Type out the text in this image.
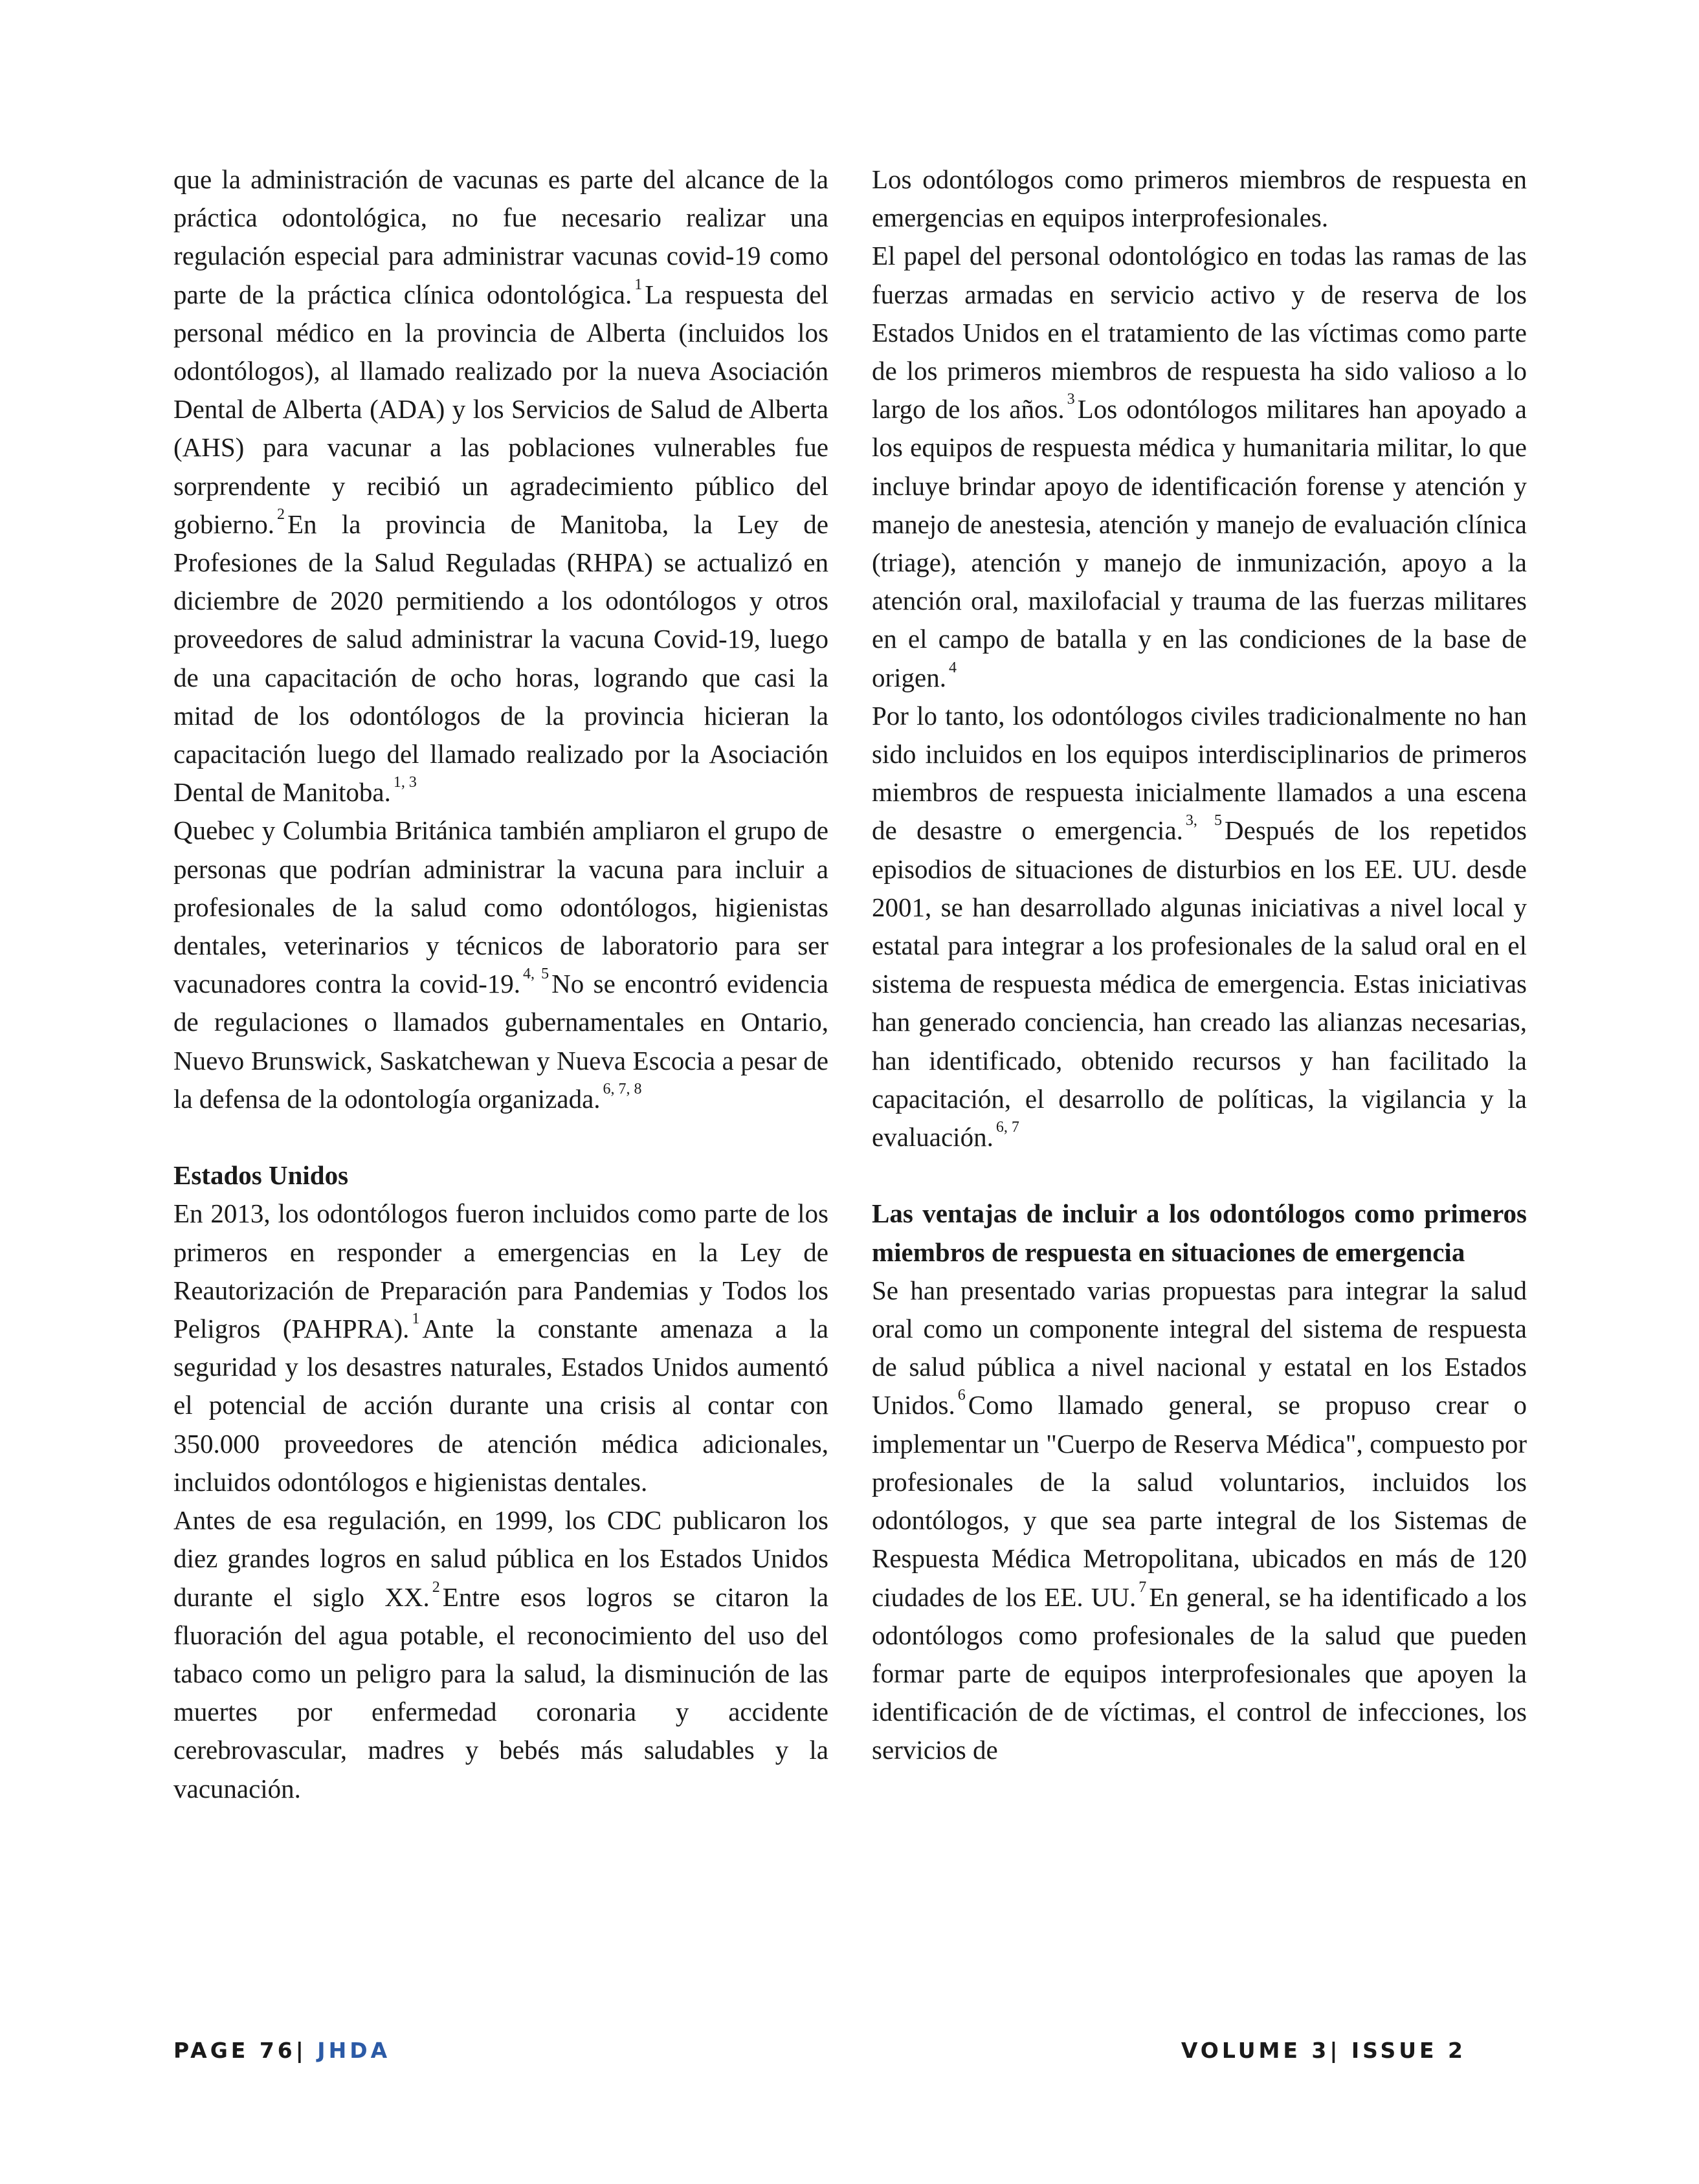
que la administración de vacunas es parte del alcance de la práctica odontológica, no fue necesario realizar una regulación especial para administrar vacunas covid-19 como parte de la práctica clínica odontológica. $^1$La respuesta del personal médico en la provincia de Alberta (incluidos los odontólogos), al llamado realizado por la nueva Asociación Dental de Alberta (ADA) y los Servicios de Salud de Alberta (AHS) para vacunar a las poblaciones vulnerables fue sorprendente y recibió un agradecimiento público del gobierno. $^2$En la provincia de Manitoba, la Ley de Profesiones de la Salud Reguladas (RHPA) se actualizó en diciembre de 2020 permitiendo a los odontólogos y otros proveedores de salud administrar la vacuna Covid-19, luego de una capacitación de ocho horas, logrando que casi la mitad de los odontólogos de la provincia hicieran la capacitación luego del llamado realizado por la Asociación Dental de Manitoba. $^{1, 3}$

Quebec y Columbia Británica también ampliaron el grupo de personas que podrían administrar la vacuna para incluir a profesionales de la salud como odontólogos, higienistas dentales, veterinarios y técnicos de laboratorio para ser vacunadores contra la covid-19. $^{4, 5}$No se encontró evidencia de regulaciones o llamados gubernamentales en Ontario, Nuevo Brunswick, Saskatchewan y Nueva Escocia a pesar de la defensa de la odontología organizada. $^{6, 7, 8}$

Estados Unidos

En 2013, los odontólogos fueron incluidos como parte de los primeros en responder a emergencias en la Ley de Reautorización de Preparación para Pandemias y Todos los Peligros (PAHPRA). $^1$Ante la constante amenaza a la seguridad y los desastres naturales, Estados Unidos aumentó el potencial de acción durante una crisis al contar con 350.000 proveedores de atención médica adicionales, incluidos odontólogos e higienistas dentales.

Antes de esa regulación, en 1999, los CDC publicaron los diez grandes logros en salud pública en los Estados Unidos durante el siglo XX. $^2$Entre esos logros se citaron la fluoración del agua potable, el reconocimiento del uso del tabaco como un peligro para la salud, la disminución de las muertes por enfermedad coronaria y accidente cerebrovascular, madres y bebés más saludables y la vacunación.

Los odontólogos como primeros miembros de respuesta en emergencias en equipos interprofesionales.

El papel del personal odontológico en todas las ramas de las fuerzas armadas en servicio activo y de reserva de los Estados Unidos en el tratamiento de las víctimas como parte de los primeros miembros de respuesta ha sido valioso a lo largo de los años. $^3$Los odontólogos militares han apoyado a los equipos de respuesta médica y humanitaria militar, lo que incluye brindar apoyo de identificación forense y atención y manejo de anestesia, atención y manejo de evaluación clínica (triage), atención y manejo de inmunización, apoyo a la atención oral, maxilofacial y trauma de las fuerzas militares en el campo de batalla y en las condiciones de la base de origen. $^4$

Por lo tanto, los odontólogos civiles tradicionalmente no han sido incluidos en los equipos interdisciplinarios de primeros miembros de respuesta inicialmente llamados a una escena de desastre o emergencia. $^{3, 5}$Después de los repetidos episodios de situaciones de disturbios en los EE. UU. desde 2001, se han desarrollado algunas iniciativas a nivel local y estatal para integrar a los profesionales de la salud oral en el sistema de respuesta médica de emergencia. Estas iniciativas han generado conciencia, han creado las alianzas necesarias, han identificado, obtenido recursos y han facilitado la capacitación, el desarrollo de políticas, la vigilancia y la evaluación. $^{6, 7}$

Las ventajas de incluir a los odontólogos como primeros miembros de respuesta en situaciones de emergencia

Se han presentado varias propuestas para integrar la salud oral como un componente integral del sistema de respuesta de salud pública a nivel nacional y estatal en los Estados Unidos. $^6$Como llamado general, se propuso crear o implementar un "Cuerpo de Reserva Médica", compuesto por profesionales de la salud voluntarios, incluidos los odontólogos, y que sea parte integral de los Sistemas de Respuesta Médica Metropolitana, ubicados en más de 120 ciudades de los EE. UU. $^7$En general, se ha identificado a los odontólogos como profesionales de la salud que pueden formar parte de equipos interprofesionales que apoyen la identificación de de víctimas, el control de infecciones, los servicios de

PAGE 76| JHDA	VOLUME 3| ISSUE 2
